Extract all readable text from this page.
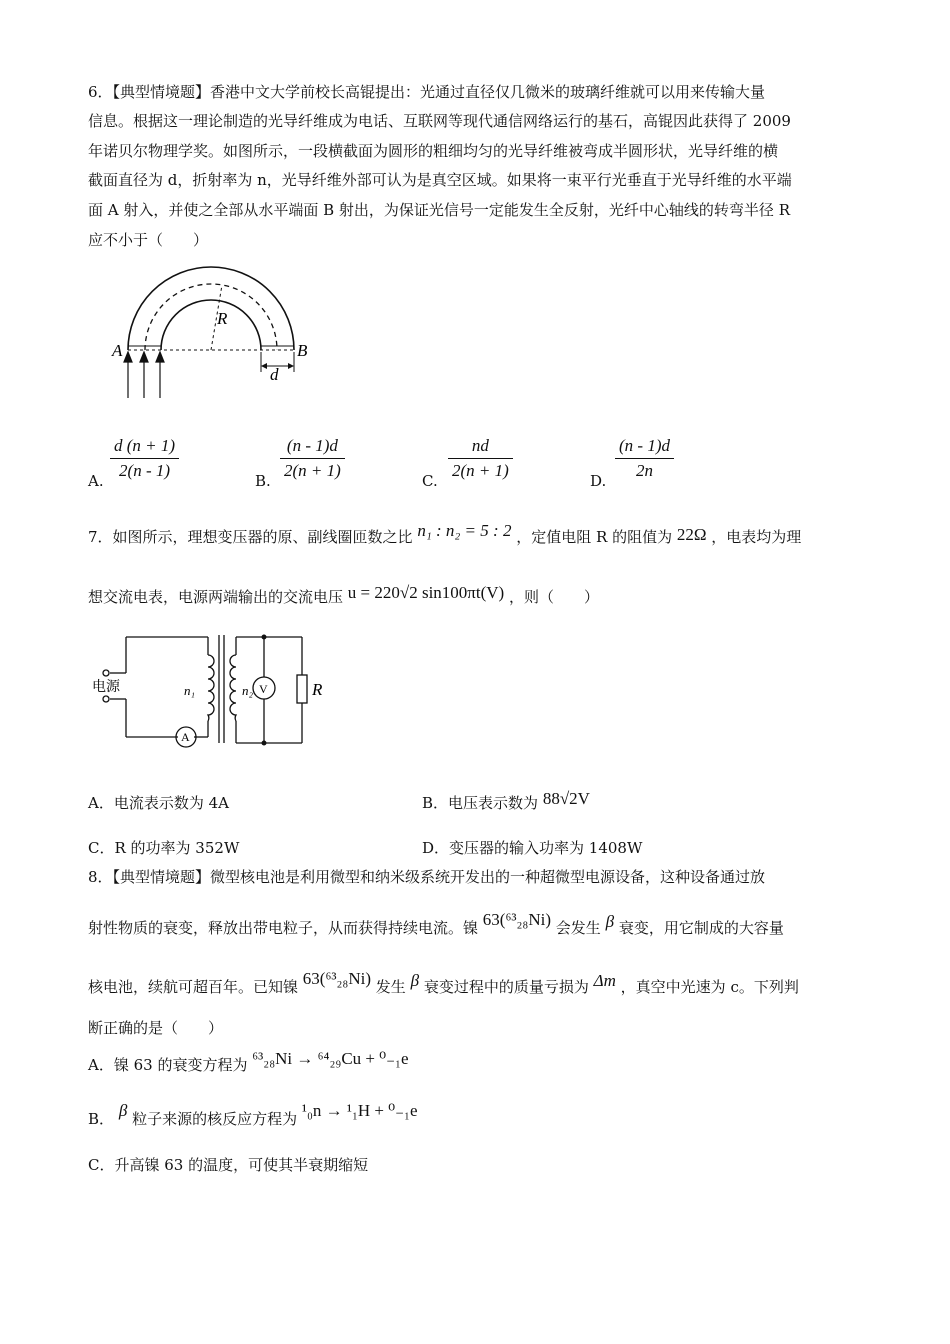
6．【典型情境题】香港中文大学前校长高锟提出：光通过直径仅几微米的玻璃纤维就可以用来传输大量
信息。根据这一理论制造的光导纤维成为电话、互联网等现代通信网络运行的基石，高锟因此获得了 2009
年诺贝尔物理学奖。如图所示，一段横截面为圆形的粗细均匀的光导纤维被弯成半圆形状，光导纤维的横
截面直径为 d，折射率为 n，光导纤维外部可认为是真空区域。如果将一束平行光垂直于光导纤维的水平端
面 A 射入，并使之全部从水平端面 B 射出，为保证光信号一定能发生全反射，光纤中心轴线的转弯半径 R
应不小于（　　）
A	B
R
d
A.
d (n + 1)
2(n - 1)
B.
(n - 1)d
2(n + 1)
C.
nd
2(n + 1)
D.
(n - 1)d
2n
7．如图所示，理想变压器的原、副线圈匝数之比 n₁ : n₂ = 5 : 2 ，定值电阻 R 的阻值为 22Ω ，电表均为理
想交流电表，电源两端输出的交流电压 u = 220√2 sin100πt(V) ，则（　　）
电源	n₁	n₂ V
A
R
A．电流表示数为 4A	B．电压表示数为 88√2V
C．R 的功率为 352W	D．变压器的输入功率为 1408W
8．【典型情境题】微型核电池是利用微型和纳米级系统开发出的一种超微型电源设备，这种设备通过放
射性物质的衰变，释放出带电粒子，从而获得持续电流。镍 63(⁶³₂₈Ni) 会发生 β 衰变，用它制成的大容量
核电池，续航可超百年。已知镍 63(⁶³₂₈Ni) 发生 β 衰变过程中的质量亏损为 Δm ，真空中光速为 c。下列判
断正确的是（　　）
A．镍 63 的衰变方程为 ⁶³₂₈Ni → ⁶⁴₂₉Cu + ⁰₋₁e
B． β 粒子来源的核反应方程为 ¹₀n → ¹₁H + ⁰₋₁e
C．升高镍 63 的温度，可使其半衰期缩短
